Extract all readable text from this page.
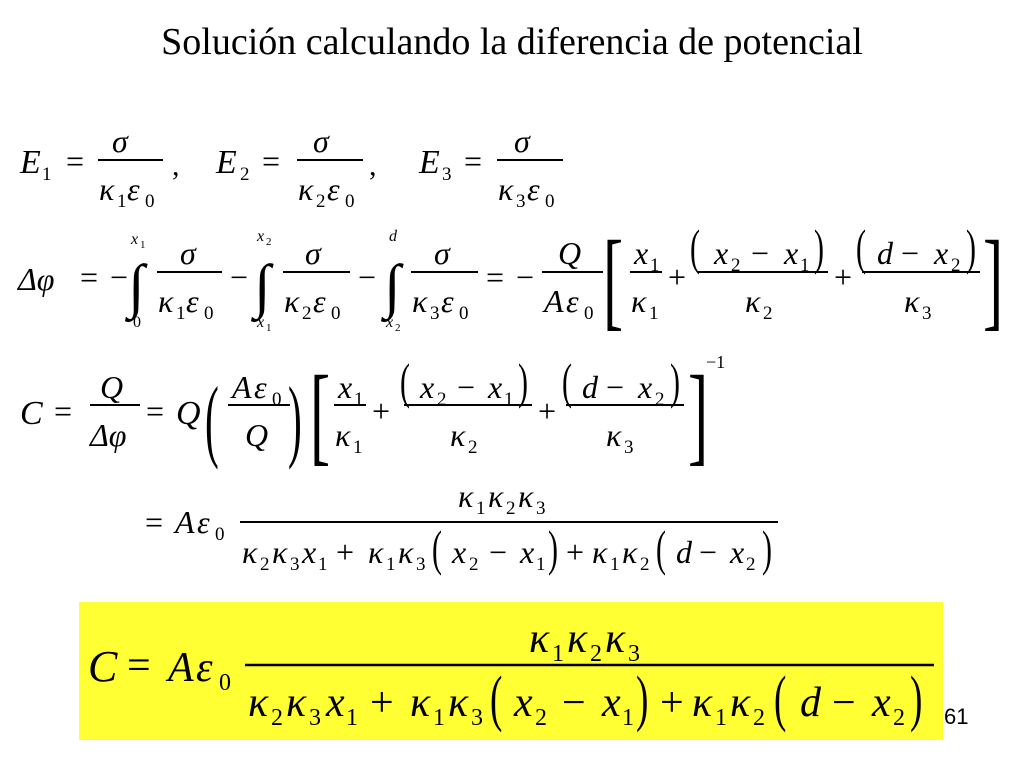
Solución calculando la diferencia de potencial
61
E 1 =
σ
κ 1 ε 0
, E 2 =
σ
κ 2 ε 0
, E 3 =
σ
κ 3 ε 0
Δφ = −
x 1
∫
0
σ
κ 1 ε 0
−
x 2
∫
x 1
σ
κ 2 ε 0
−
d
∫
x 2
σ
κ 3 ε 0
= −
Q
A ε 0 [ x 1
κ 1
+
( x 2 − x 1 )
κ 2
+
( d − x 2 )
κ 3 ]
C =
Q
Δφ
= Q ( A ε 0
Q ) [ x 1
κ 1
+
( x 2 − x 1 )
κ 2
+
( d − x 2 )
κ 3 ]
−1
= A ε 0
κ 1 κ 2 κ 3
κ 2 κ 3 x 1 + κ 1 κ 3 ( x 2 − x 1 ) + κ 1 κ 2 ( d − x 2 )
C = A ε 0
κ 1 κ 2 κ 3
κ 2 κ 3 x 1 + κ 1 κ 3 ( x 2 − x 1 ) + κ 1 κ 2 ( d − x 2 )
